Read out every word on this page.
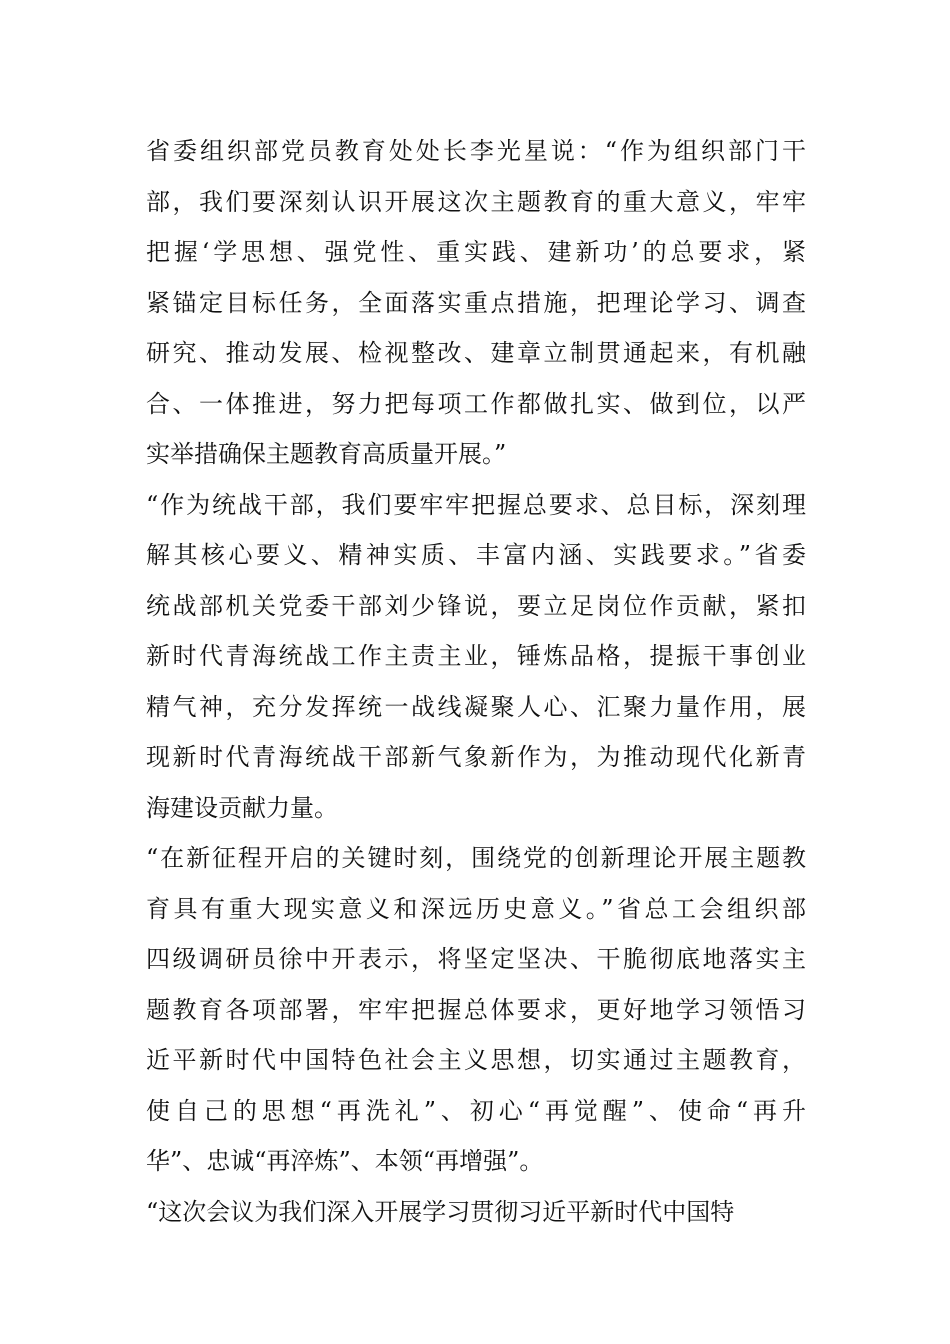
省委组织部党员教育处处长李光星说：“作为组织部门干
部，我们要深刻认识开展这次主题教育的重大意义，牢牢
把握‘学思想、强党性、重实践、建新功’的总要求，紧
紧锚定目标任务，全面落实重点措施，把理论学习、调查
研究、推动发展、检视整改、建章立制贯通起来，有机融
合、一体推进，努力把每项工作都做扎实、做到位，以严
实举措确保主题教育高质量开展。”
“作为统战干部，我们要牢牢把握总要求、总目标，深刻理
解其核心要义、精神实质、丰富内涵、实践要求。”省委
统战部机关党委干部刘少锋说，要立足岗位作贡献，紧扣
新时代青海统战工作主责主业，锤炼品格，提振干事创业
精气神，充分发挥统一战线凝聚人心、汇聚力量作用，展
现新时代青海统战干部新气象新作为，为推动现代化新青
海建设贡献力量。
“在新征程开启的关键时刻，围绕党的创新理论开展主题教
育具有重大现实意义和深远历史意义。”省总工会组织部
四级调研员徐中开表示，将坚定坚决、干脆彻底地落实主
题教育各项部署，牢牢把握总体要求，更好地学习领悟习
近平新时代中国特色社会主义思想，切实通过主题教育，
使自己的思想“再洗礼”、初心“再觉醒”、使命“再升
华”、忠诚“再淬炼”、本领“再增强”。
“这次会议为我们深入开展学习贯彻习近平新时代中国特
